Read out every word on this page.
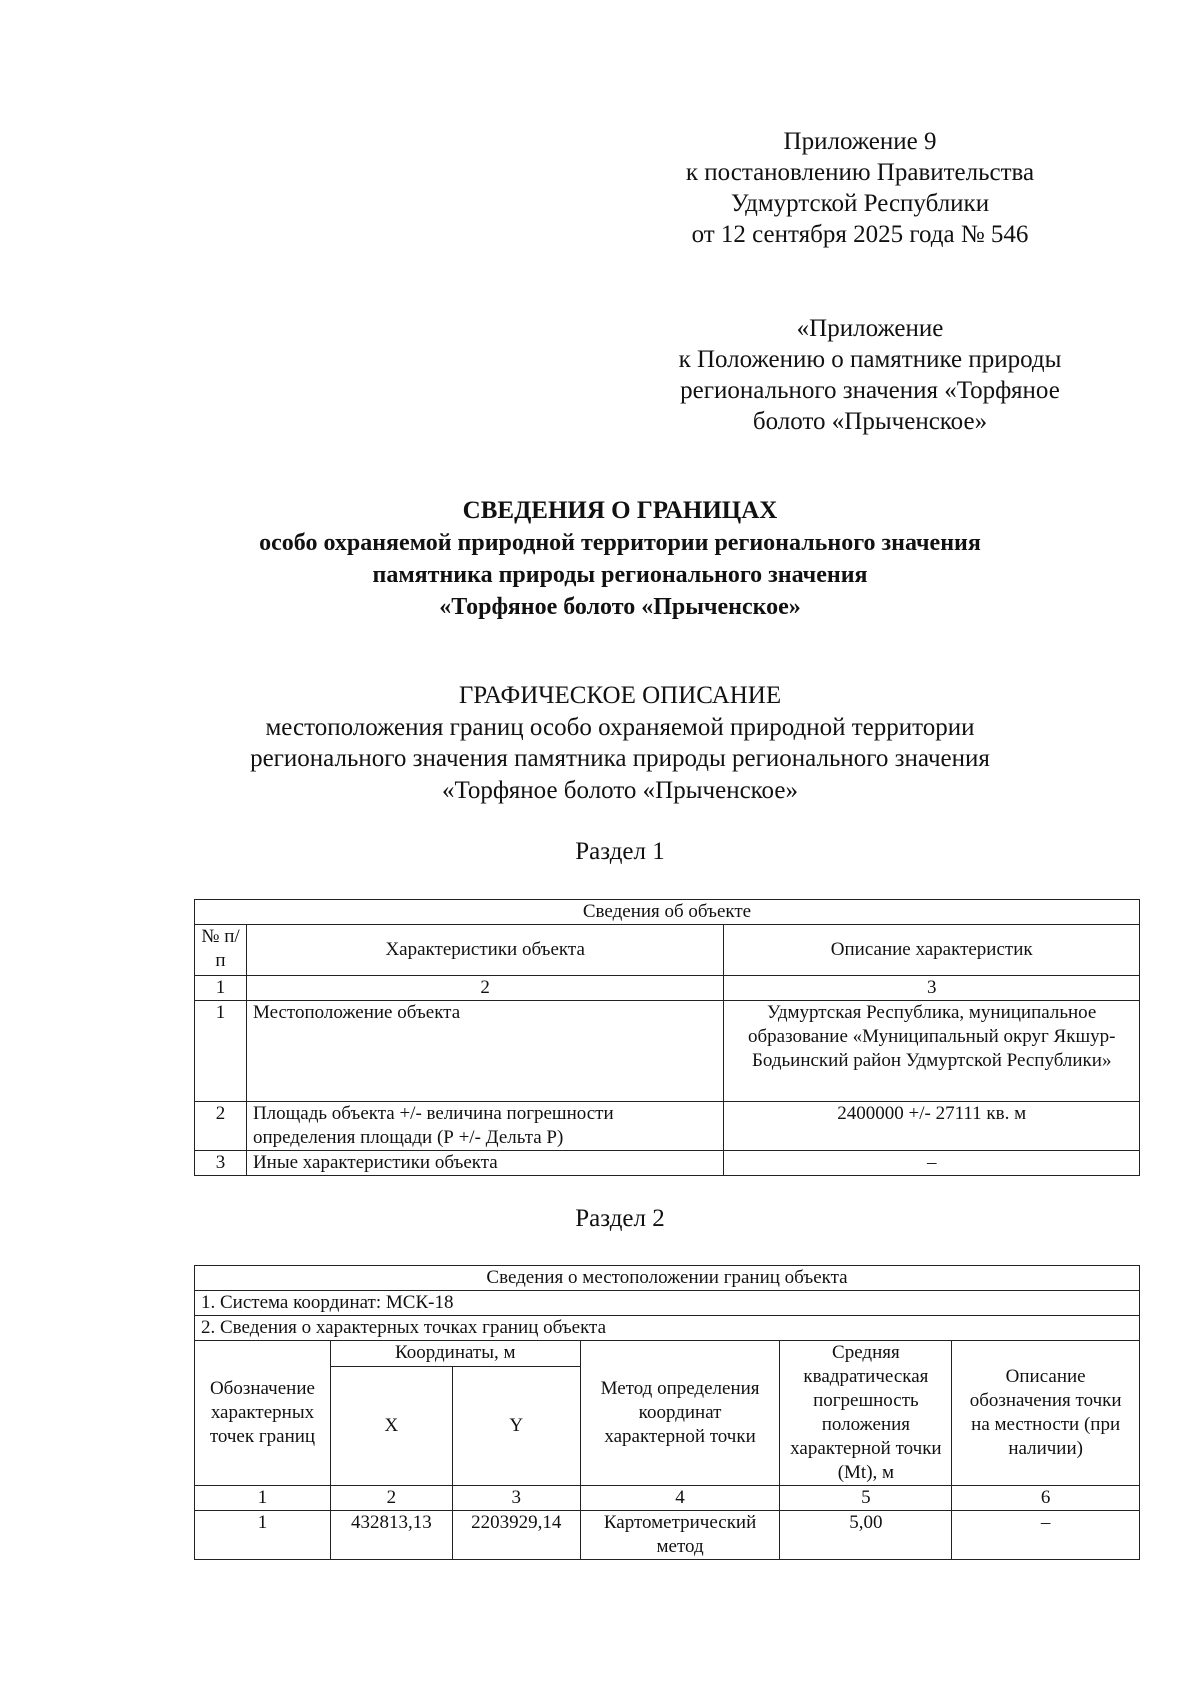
Приложение 9
к постановлению Правительства
Удмуртской Республики
от 12 сентября 2025 года № 546
«Приложение
к Положению о памятнике природы
регионального значения «Торфяное
болото «Прыченское»
СВЕДЕНИЯ О ГРАНИЦАХ
особо охраняемой природной территории регионального значения
памятника природы регионального значения
«Торфяное болото «Прыченское»
ГРАФИЧЕСКОЕ ОПИСАНИЕ
местоположения границ особо охраняемой природной территории
регионального значения памятника природы регионального значения
«Торфяное болото «Прыченское»
Раздел 1
Сведения об объекте		
№ п/п	Характеристики объекта	Описание характеристик
1	2	3
1	Местоположение объекта	Удмуртская Республика, муниципальное образование «Муниципальный округ Якшур-Бодьинский район Удмуртской Республики»
2	Площадь объекта +/- величина погрешности определения площади (Р +/- Дельта Р)	2400000 +/- 27111 кв. м
3	Иные характеристики объекта	–
Раздел 2
Сведения о местоположении границ объекта					
1. Система координат: МСК-18					
2. Сведения о характерных точках границ объекта					
Обозначение характерных точек границ	Координаты, м		Метод определения координат характерной точки	Средняя квадратическая погрешность положения характерной точки (Mt), м	Описание обозначения точки на местности (при наличии)
	X	Y			
1	2	3	4	5	6
1	432813,13	2203929,14	Картометрический метод	5,00	–
